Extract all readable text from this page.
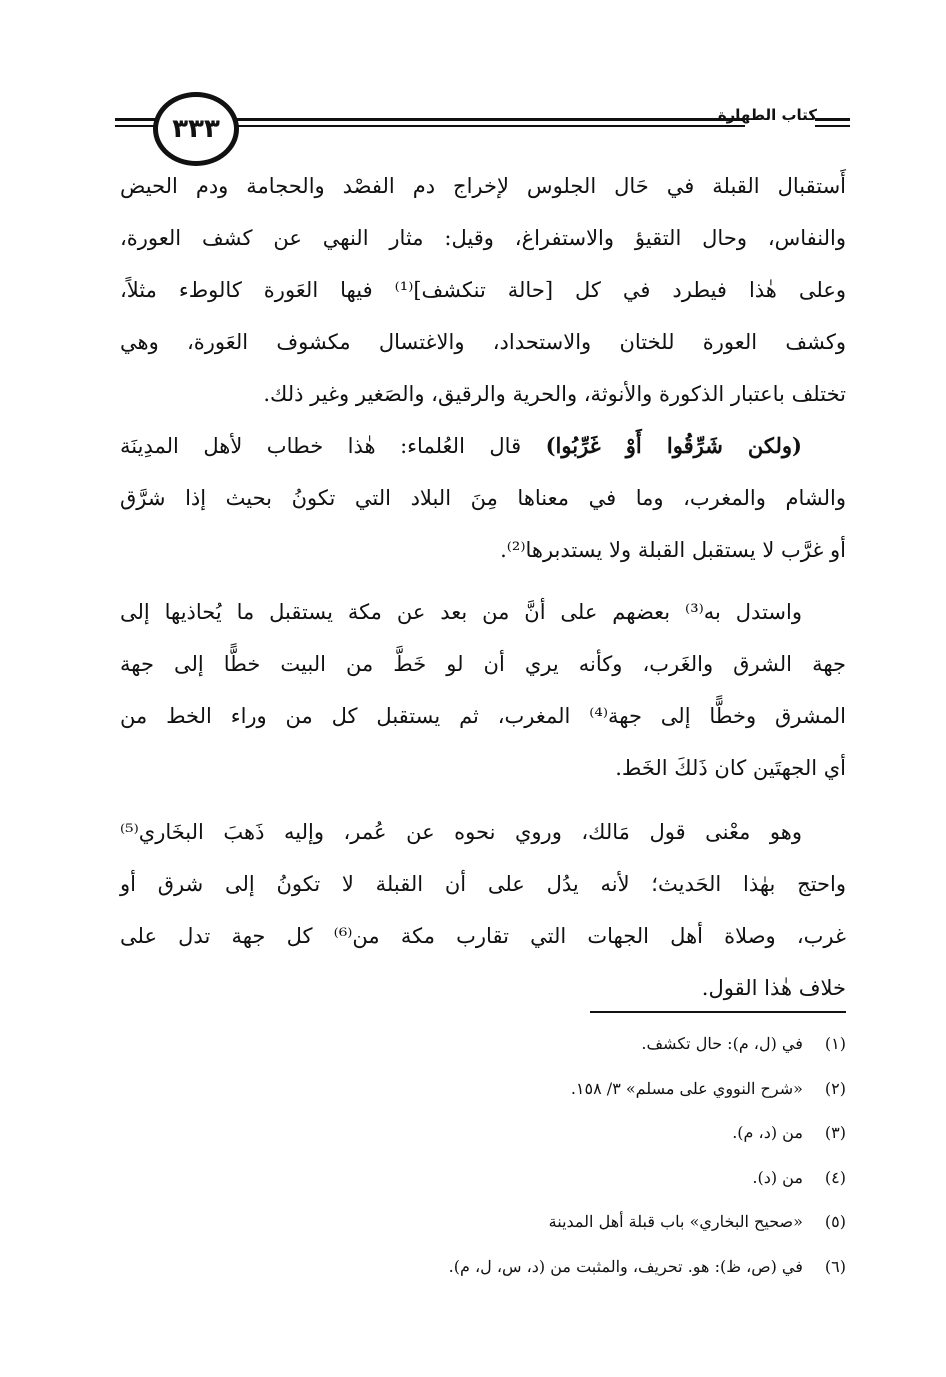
٣٣٣	كتاب الطهارة
أَستقبال القبلة في حَال الجلوس لإخراج دم الفصْد والحجامة ودم الحيض
والنفاس، وحال التقيؤ والاستفراغ، وقيل: مثار النهي عن كشف العورة،
وعلى هٰذا فيطرد في كل [حالة تنكشف]⁽¹⁾ فيها العَورة كالوطء مثلاً،
وكشف العورة للختان والاستحداد، والاغتسال مكشوف العَورة، وهي
تختلف باعتبار الذكورة والأنوثة، والحرية والرقيق، والصَغير وغير ذلك.
(ولكن شَرِّقُوا أَوْ غَرِّبُوا) قال العُلماء: هٰذا خطاب لأهل المدِينَة
والشام والمغرب، وما في معناها مِنَ البلاد التي تكونُ بحيث إذا شرَّق
أو غرَّب لا يستقبل القبلة ولا يستدبرها⁽²⁾.
واستدل به⁽³⁾ بعضهم على أنَّ من بعد عن مكة يستقبل ما يُحاذيها إلى
جهة الشرق والغَرب، وكأنه يري أن لو خَطَّ من البيت خطًّا إلى جهة
المشرق وخطًّا إلى جهة⁽⁴⁾ المغرب، ثم يستقبل كل من وراء الخط من
أي الجهتَين كان ذَلكَ الخَط.
وهو معْنى قول مَالك، وروي نحوه عن عُمر، وإليه ذَهبَ البخَاري⁽⁵⁾
واحتج بهٰذا الحَديث؛ لأنه يدُل على أن القبلة لا تكونُ إلى شرق أو
غرب، وصلاة أهل الجهات التي تقارب مكة من⁽⁶⁾ كل جهة تدل على
خلاف هٰذا القول.
(١) في (ل، م): حال تكشف.
(٢) «شرح النووي على مسلم» ٣/ ١٥٨.
(٣) من (د، م).
(٤) من (د).
(٥) «صحيح البخاري» باب قبلة أهل المدينة
(٦) في (ص، ظ): هو. تحريف، والمثبت من (د، س، ل، م).
